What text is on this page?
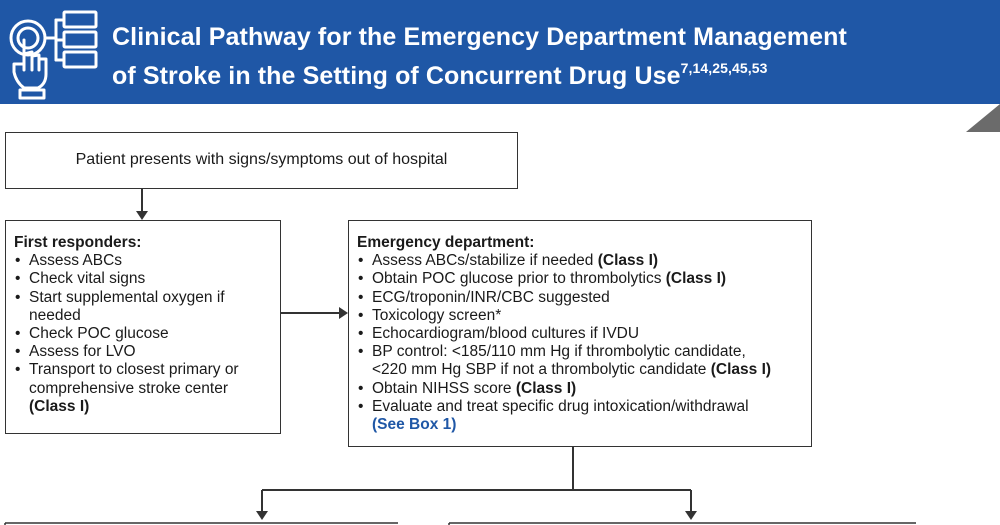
Clinical Pathway for the Emergency Department Management
of Stroke in the Setting of Concurrent Drug Use$^{7,14,25,45,53}$
Patient presents with signs/symptoms out of hospital
First responders:
• Assess ABCs
• Check vital signs
• Start supplemental oxygen if needed
• Check POC glucose
• Assess for LVO
• Transport to closest primary or comprehensive stroke center
(Class I)
Emergency department:
• Assess ABCs/stabilize if needed (Class I)
• Obtain POC glucose prior to thrombolytics (Class I)
• ECG/troponin/INR/CBC suggested
• Toxicology screen*
• Echocardiogram/blood cultures if IVDU
• BP control: <185/110 mm Hg if thrombolytic candidate,
<220 mm Hg SBP if not a thrombolytic candidate (Class I)
• Obtain NIHSS score (Class I)
• Evaluate and treat specific drug intoxication/withdrawal
(See Box 1)
